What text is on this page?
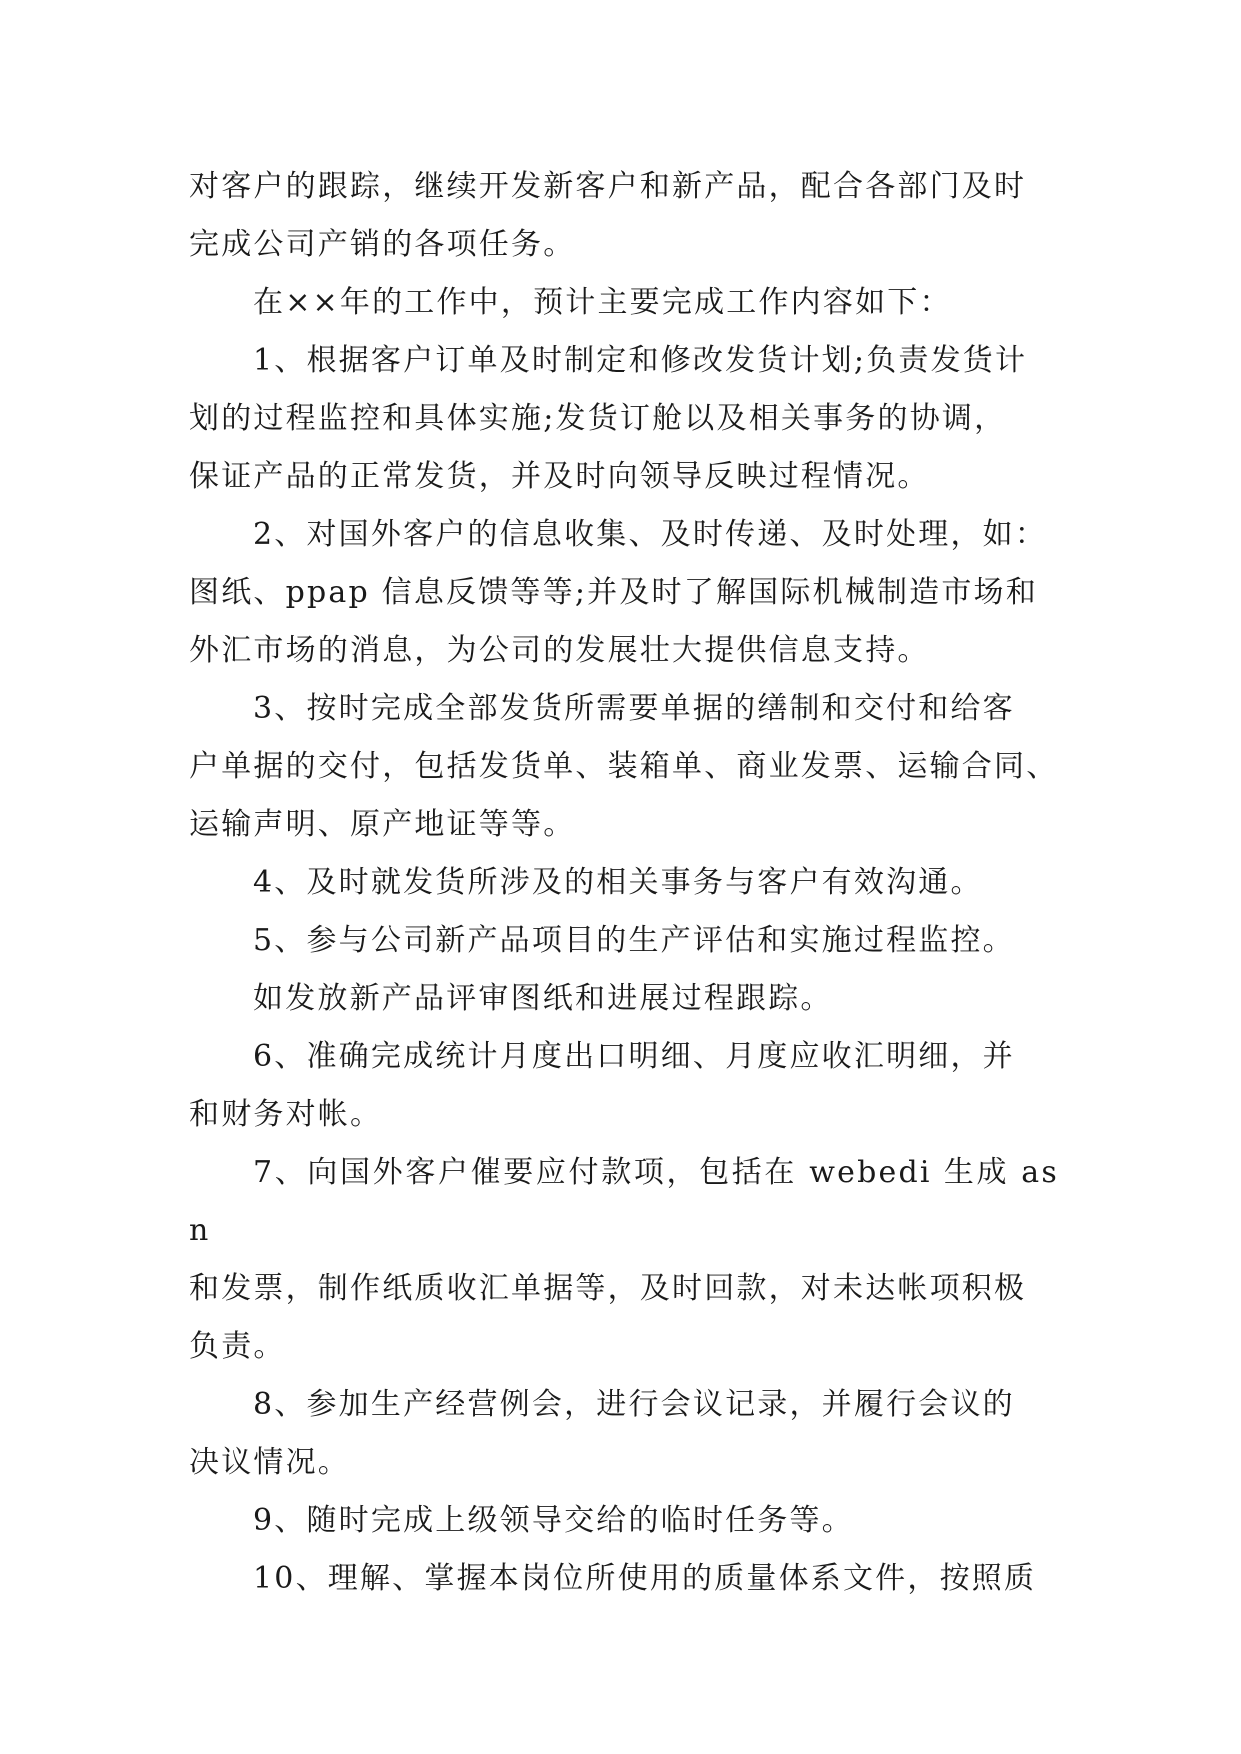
对客户的跟踪，继续开发新客户和新产品，配合各部门及时
完成公司产销的各项任务。

在××年的工作中，预计主要完成工作内容如下：

1、根据客户订单及时制定和修改发货计划;负责发货计
划的过程监控和具体实施;发货订舱以及相关事务的协调，
保证产品的正常发货，并及时向领导反映过程情况。

2、对国外客户的信息收集、及时传递、及时处理，如：
图纸、ppap 信息反馈等等;并及时了解国际机械制造市场和
外汇市场的消息，为公司的发展壮大提供信息支持。

3、按时完成全部发货所需要单据的缮制和交付和给客
户单据的交付，包括发货单、装箱单、商业发票、运输合同、
运输声明、原产地证等等。

4、及时就发货所涉及的相关事务与客户有效沟通。

5、参与公司新产品项目的生产评估和实施过程监控。

如发放新产品评审图纸和进展过程跟踪。

6、准确完成统计月度出口明细、月度应收汇明细，并
和财务对帐。

7、向国外客户催要应付款项，包括在 webedi 生成 asn
和发票，制作纸质收汇单据等，及时回款，对未达帐项积极
负责。

8、参加生产经营例会，进行会议记录，并履行会议的
决议情况。

9、随时完成上级领导交给的临时任务等。

10、理解、掌握本岗位所使用的质量体系文件，按照质
